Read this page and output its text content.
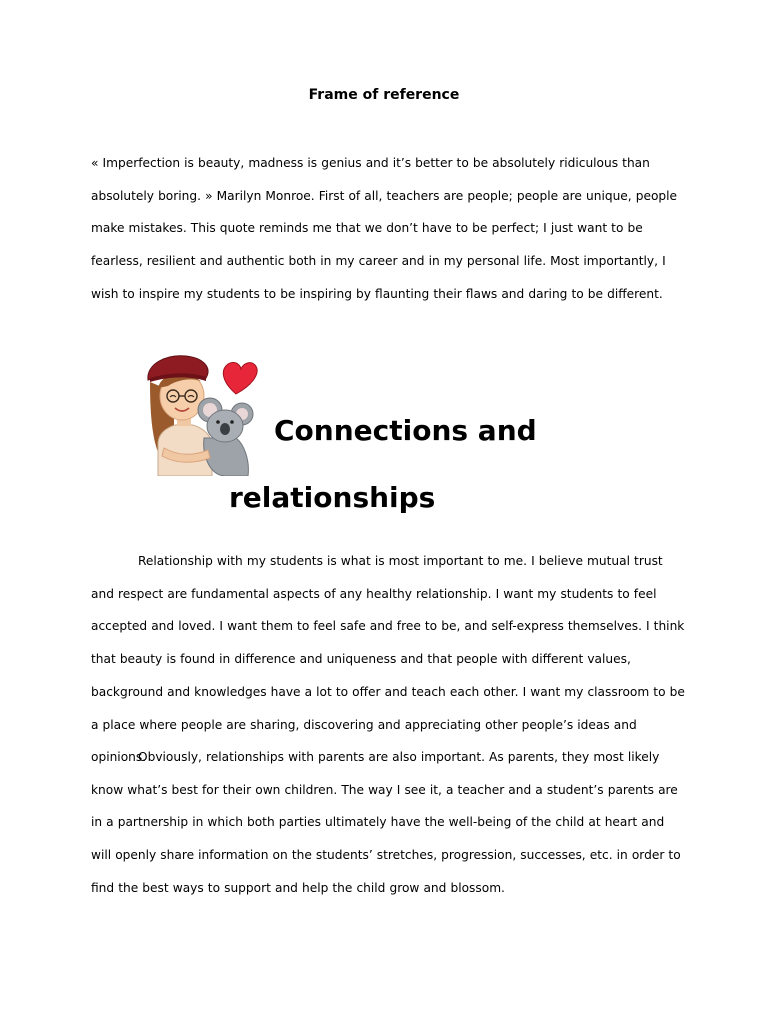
Frame of reference

« Imperfection is beauty, madness is genius and it’s better to be absolutely ridiculous than absolutely boring. » Marilyn Monroe. First of all, teachers are people; people are unique, people make mistakes. This quote reminds me that we don’t have to be perfect; I just want to be fearless, resilient and authentic both in my career and in my personal life. Most importantly, I wish to inspire my students to be inspiring by flaunting their flaws and daring to be different.

Connections and
relationships

Relationship with my students is what is most important to me. I believe mutual trust and respect are fundamental aspects of any healthy relationship. I want my students to feel accepted and loved. I want them to feel safe and free to be, and self-express themselves. I think that beauty is found in difference and uniqueness and that people with different values, background and knowledges have a lot to offer and teach each other. I want my classroom to be a place where people are sharing, discovering and appreciating other people’s ideas and opinions.

Obviously, relationships with parents are also important. As parents, they most likely know what’s best for their own children. The way I see it, a teacher and a student’s parents are in a partnership in which both parties ultimately have the well-being of the child at heart and will openly share information on the students’ stretches, progression, successes, etc. in order to find the best ways to support and help the child grow and blossom.
